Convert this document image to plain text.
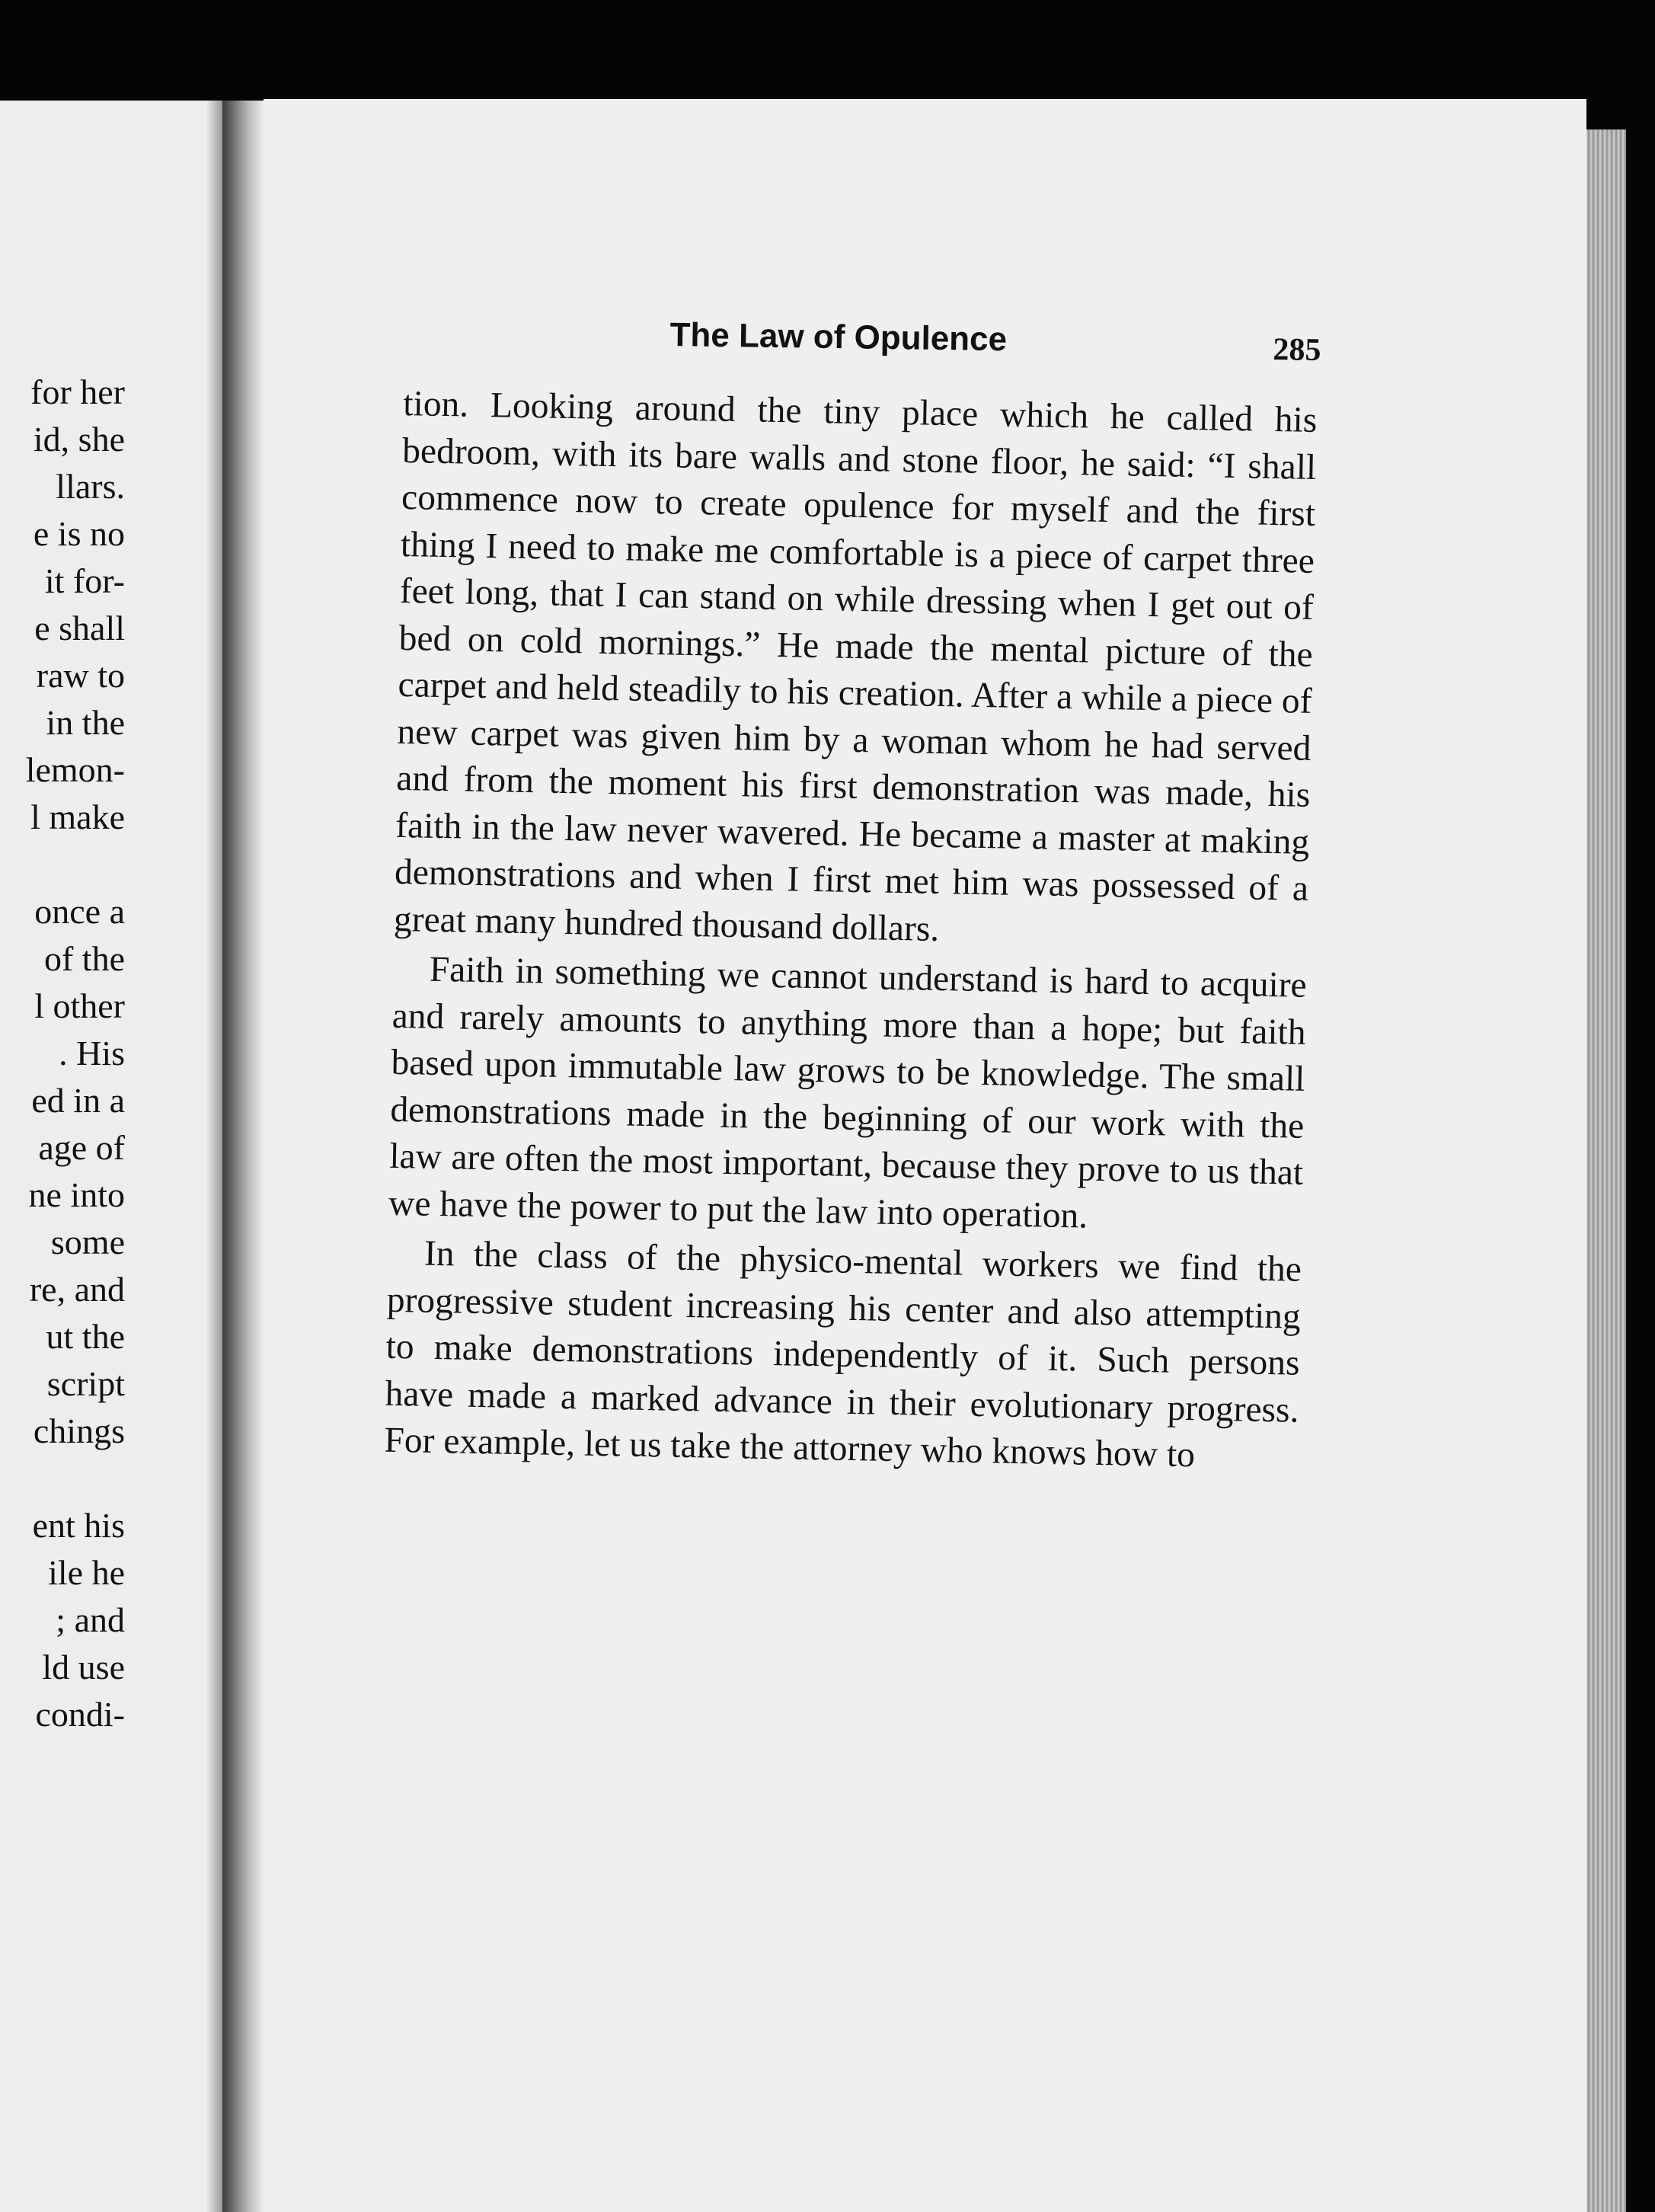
for her
id, she
llars.
e is no
it for-
e shall
raw to
in the
lemon-
l make
once a
of the
l other
. His
ed in a
age of
ne into
some
re, and
ut the
script
chings
ent his
ile he
; and
ld use
condi-
The Law of Opulence	285

tion. Looking around the tiny place which he called his bedroom, with its bare walls and stone floor, he said: “I shall commence now to create opulence for myself and the first thing I need to make me comfortable is a piece of carpet three feet long, that I can stand on while dressing when I get out of bed on cold mornings.” He made the mental picture of the carpet and held steadily to his creation. After a while a piece of new carpet was given him by a woman whom he had served and from the moment his first demonstration was made, his faith in the law never wavered. He became a master at making demonstrations and when I first met him was possessed of a great many hundred thousand dollars.

Faith in something we cannot understand is hard to acquire and rarely amounts to anything more than a hope; but faith based upon immutable law grows to be knowledge. The small demonstrations made in the beginning of our work with the law are often the most important, because they prove to us that we have the power to put the law into operation.

In the class of the physico-mental workers we find the progressive student increasing his center and also attempting to make demonstrations independently of it. Such persons have made a marked advance in their evolutionary progress. For example, let us take the attorney who knows how to
